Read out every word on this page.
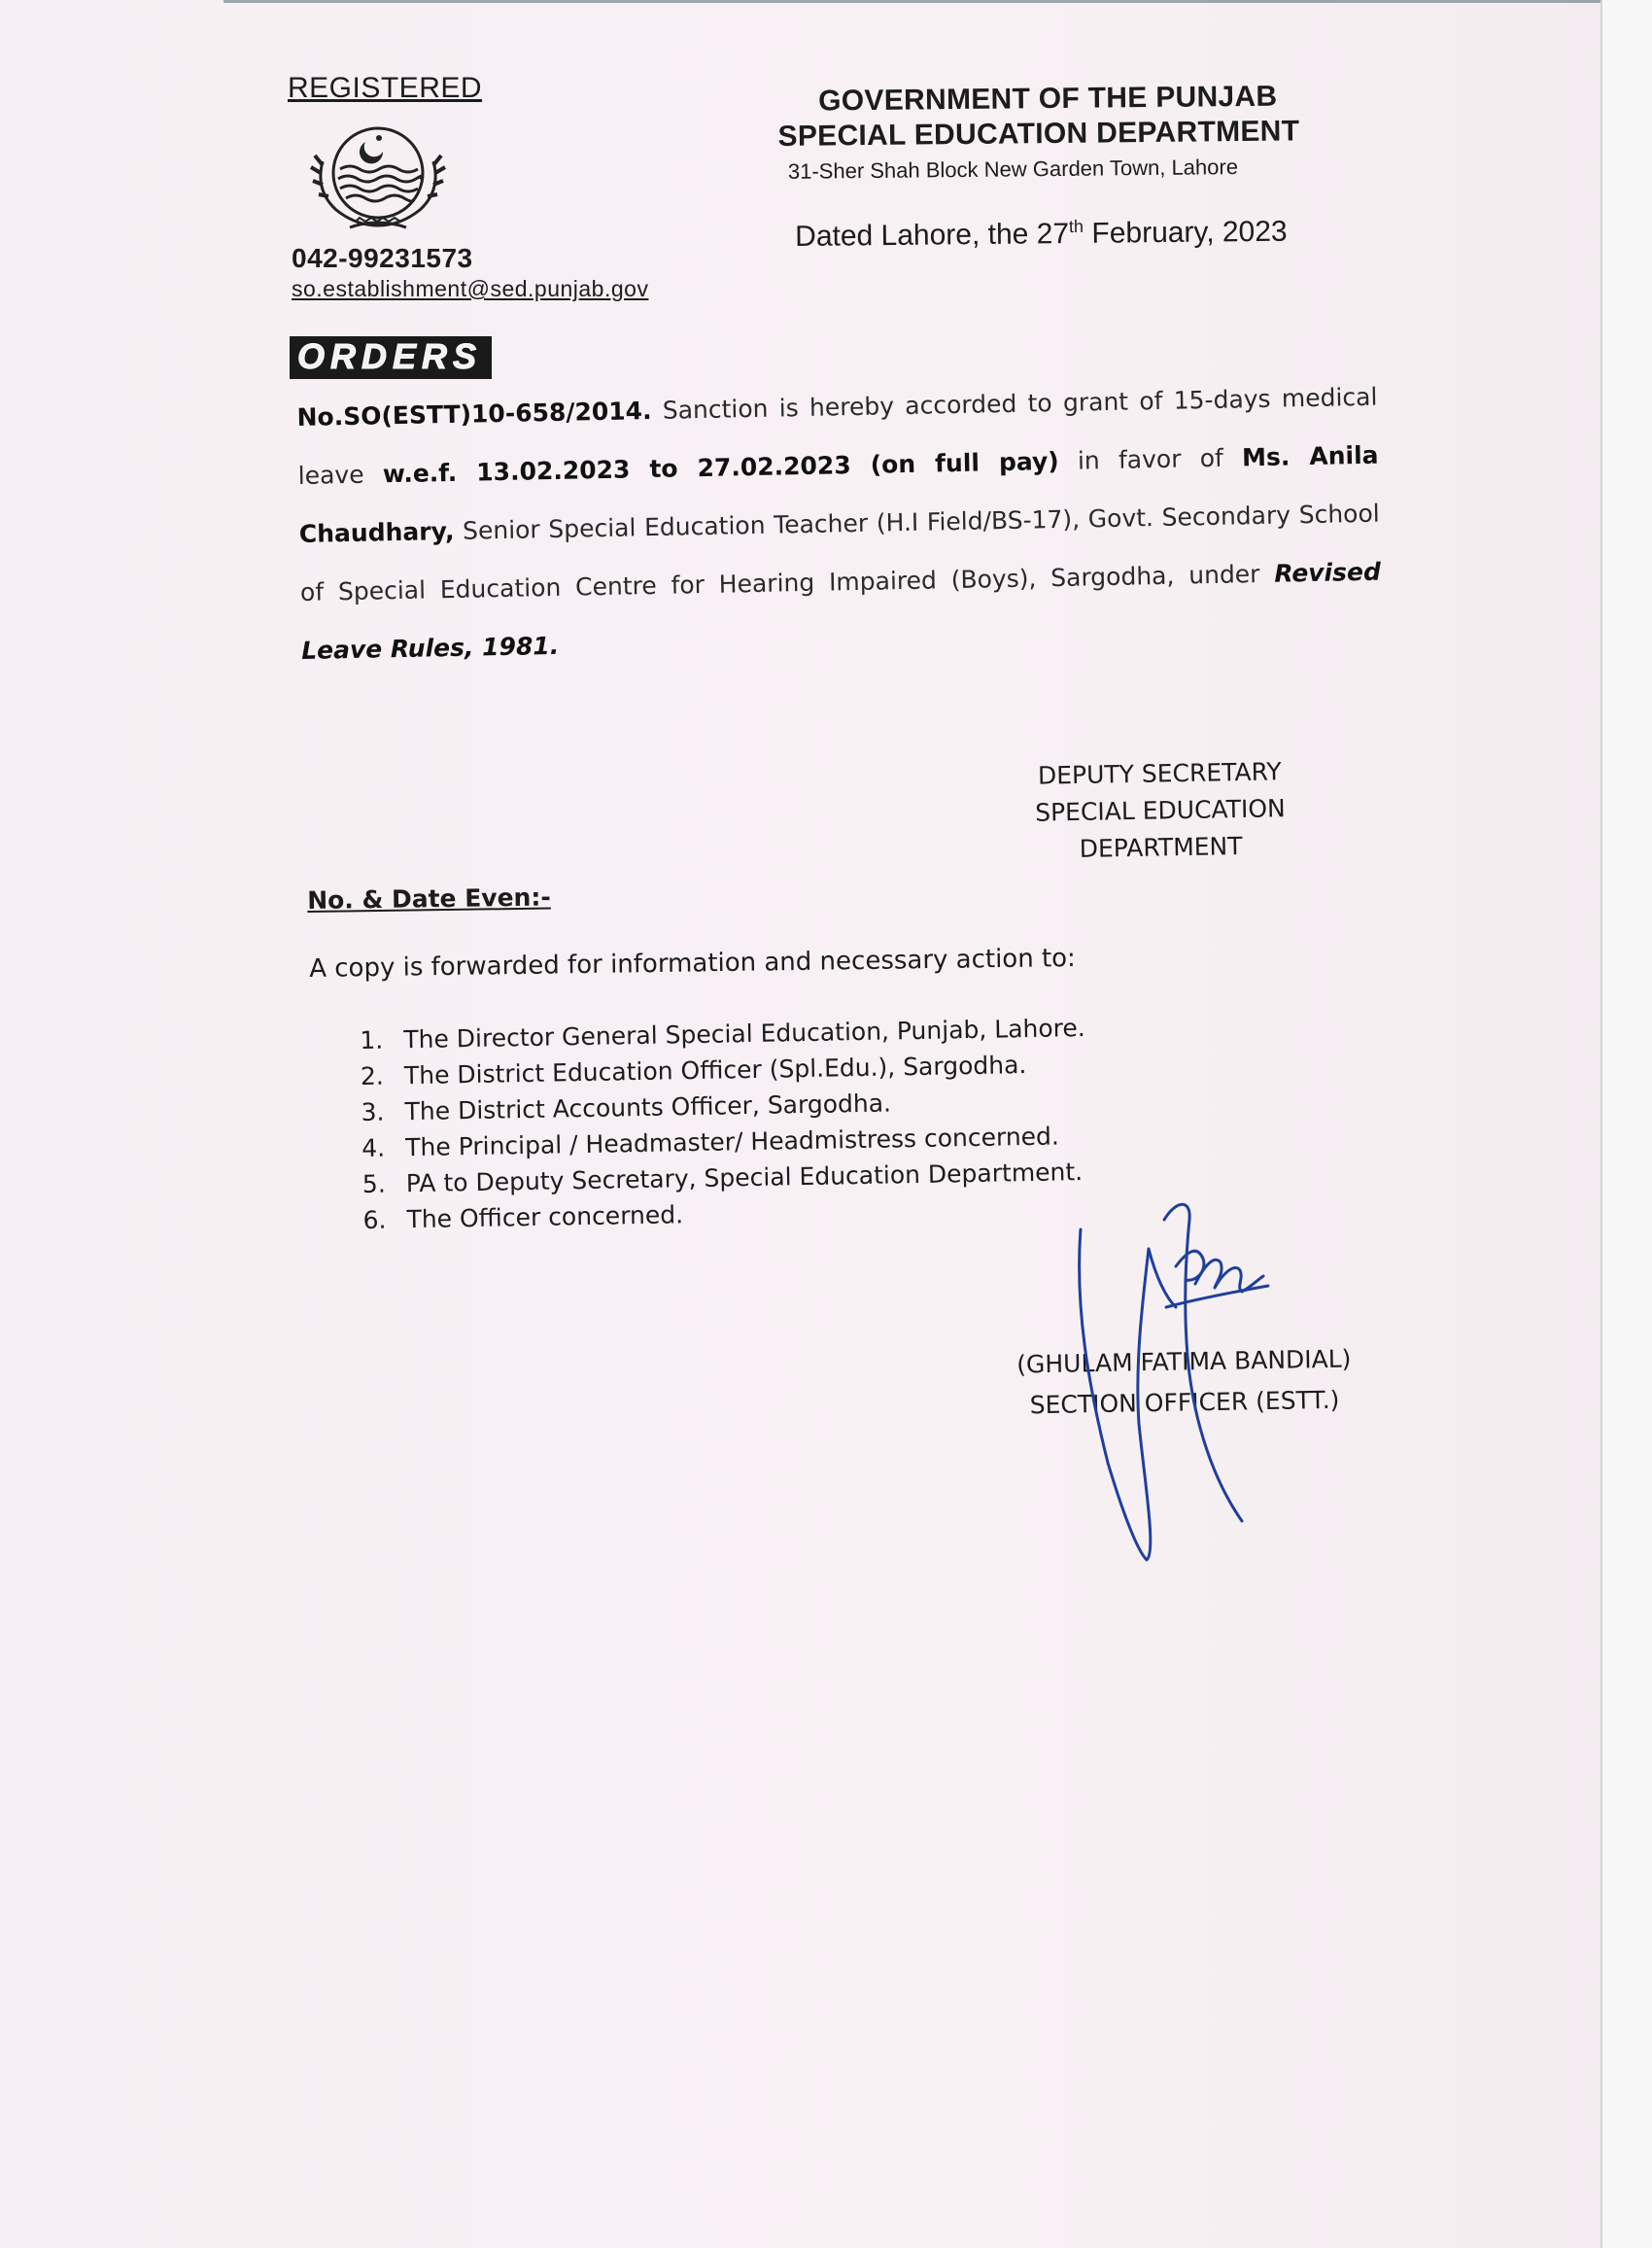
REGISTERED
042-99231573
so.establishment@sed.punjab.gov
GOVERNMENT OF THE PUNJAB
SPECIAL EDUCATION DEPARTMENT
31-Sher Shah Block New Garden Town, Lahore
Dated Lahore, the 27th February, 2023
ORDERS
No.SO(ESTT)10-658/2014. Sanction is hereby accorded to grant of 15-days medical leave w.e.f. 13.02.2023 to 27.02.2023 (on full pay) in favor of Ms. Anila Chaudhary, Senior Special Education Teacher (H.I Field/BS-17), Govt. Secondary School of Special Education Centre for Hearing Impaired (Boys), Sargodha, under Revised Leave Rules, 1981.
DEPUTY SECRETARY
SPECIAL EDUCATION
DEPARTMENT
No. & Date Even:-
A copy is forwarded for information and necessary action to:
1. The Director General Special Education, Punjab, Lahore.
2. The District Education Officer (Spl.Edu.), Sargodha.
3. The District Accounts Officer, Sargodha.
4. The Principal / Headmaster/ Headmistress concerned.
5. PA to Deputy Secretary, Special Education Department.
6. The Officer concerned.
(GHULAM FATIMA BANDIAL)
SECTION OFFICER (ESTT.)
